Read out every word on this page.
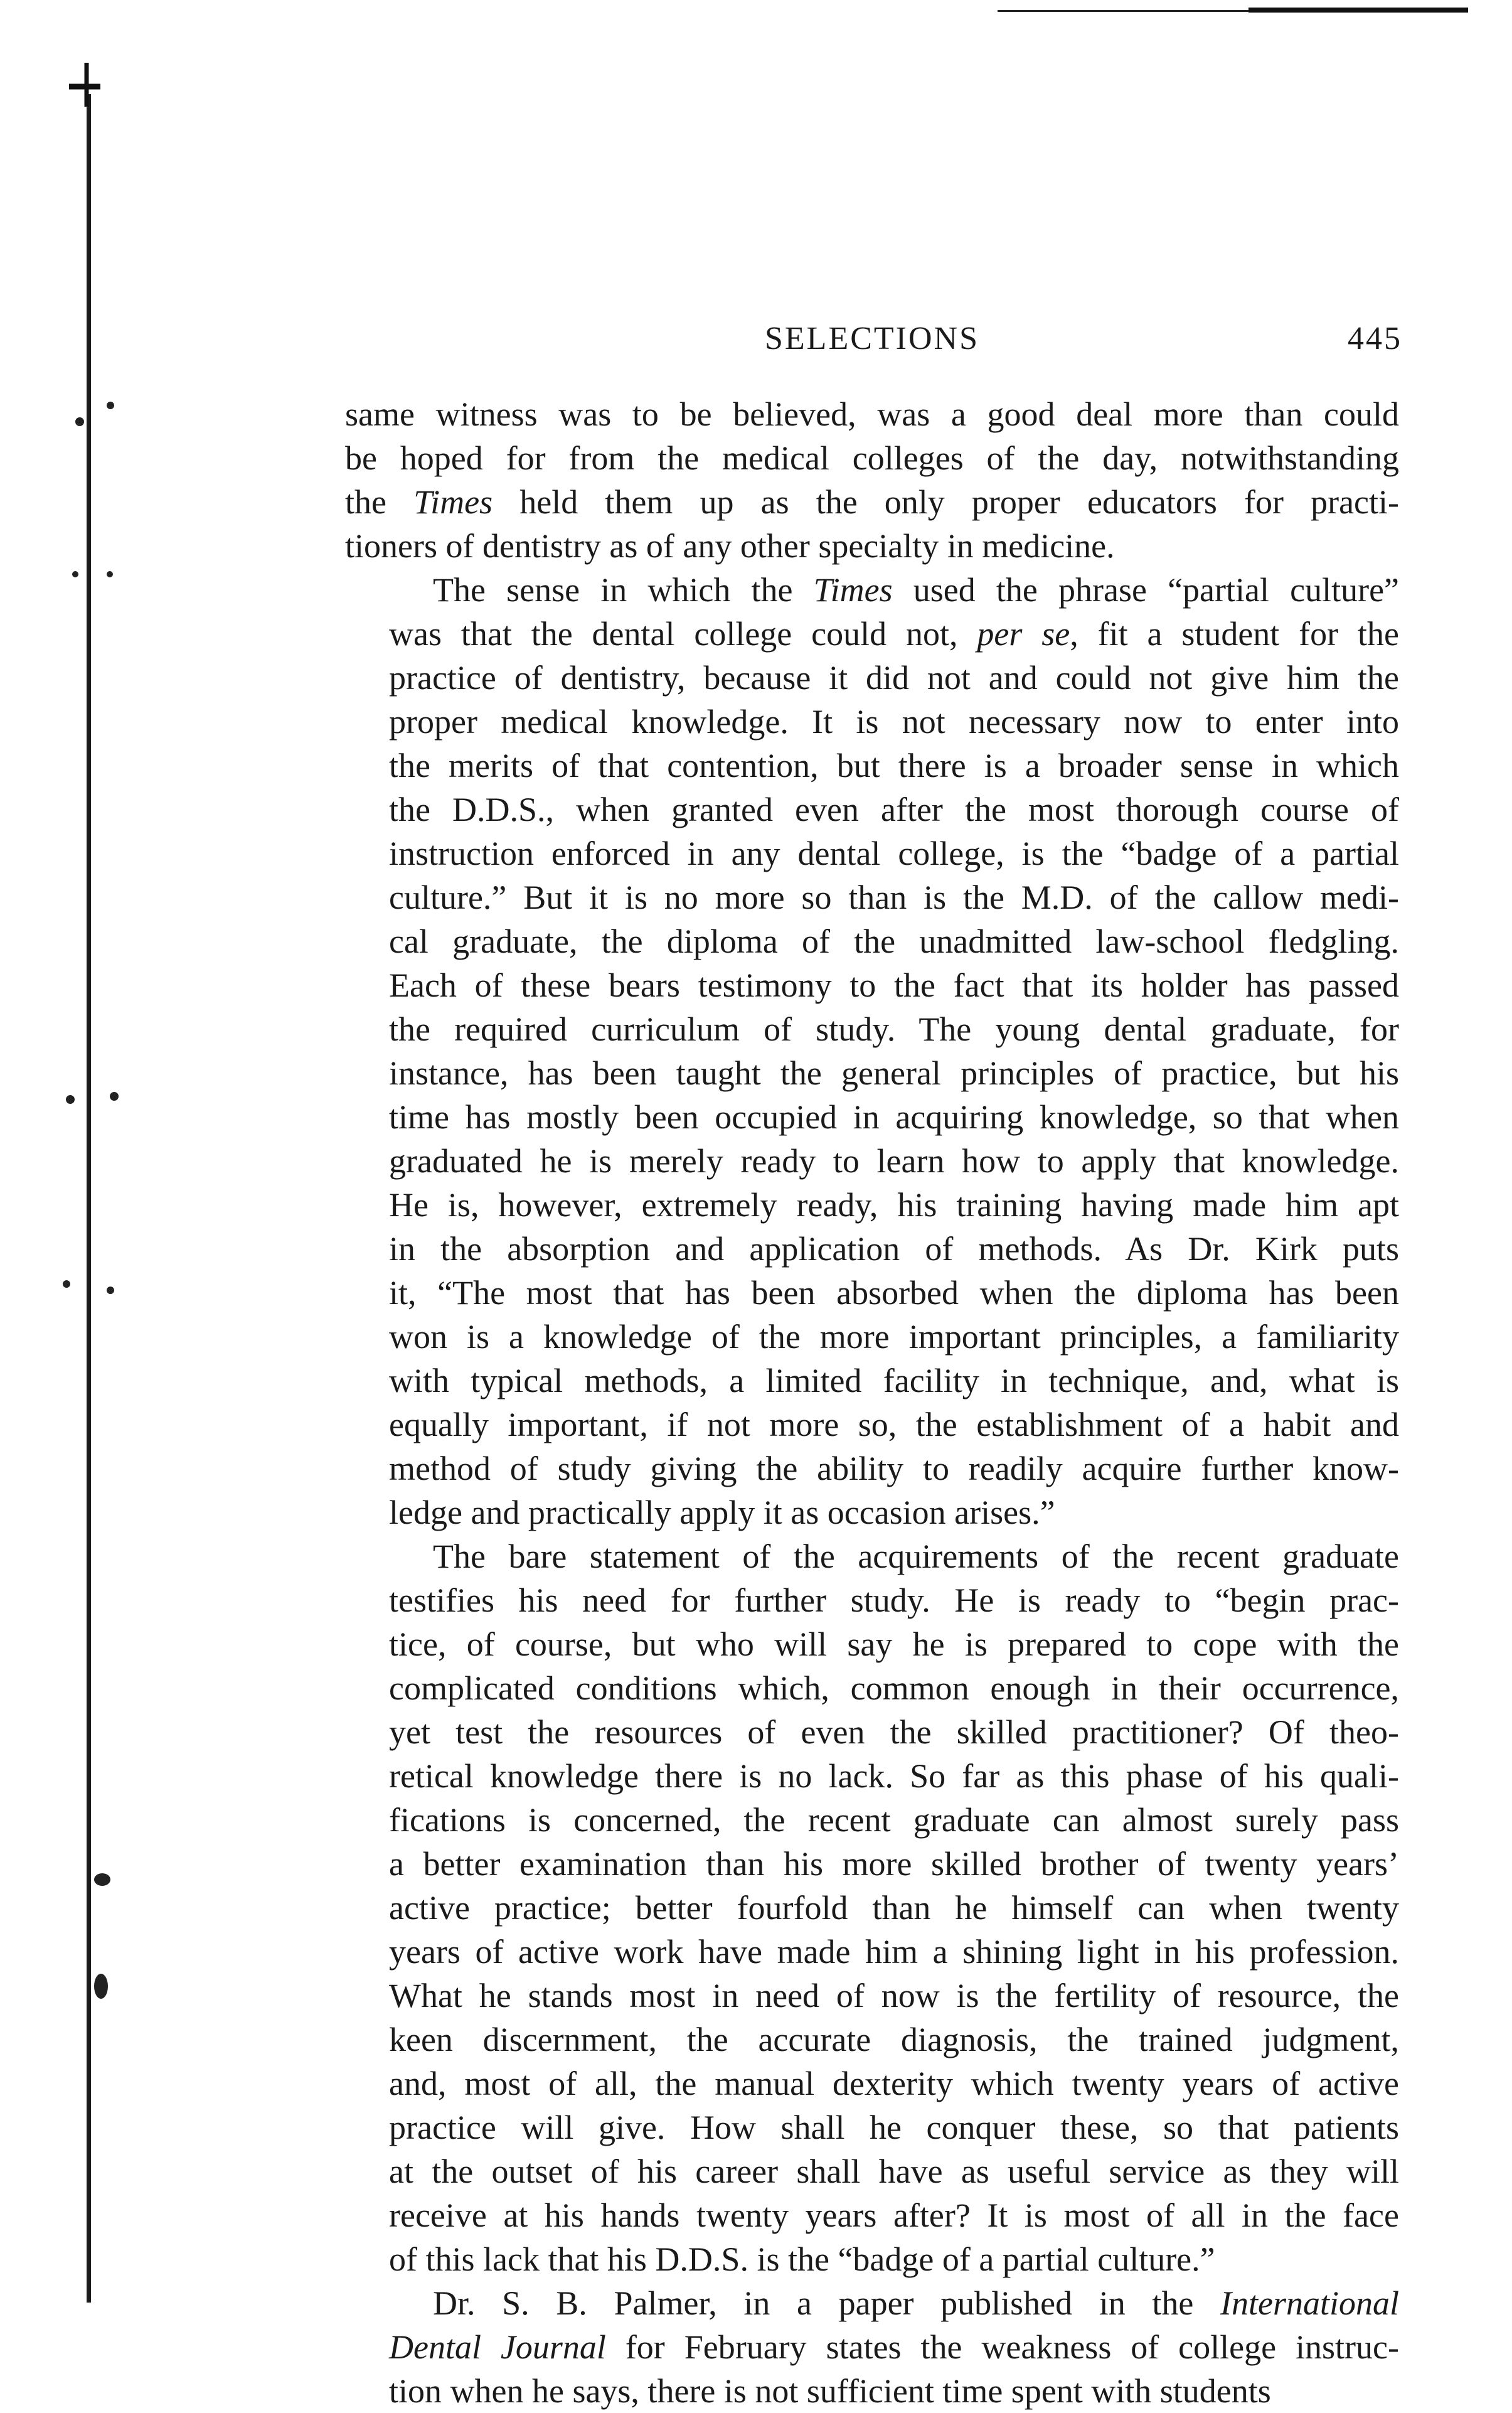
SELECTIONS	445
same witness was to be believed, was a good deal more than could
be hoped for from the medical colleges of the day, notwithstanding
the Times held them up as the only proper educators for practi-
tioners of dentistry as of any other specialty in medicine.
The sense in which the Times used the phrase “partial culture”
was that the dental college could not, per se, fit a student for the
practice of dentistry, because it did not and could not give him the
proper medical knowledge. It is not necessary now to enter into
the merits of that contention, but there is a broader sense in which
the D.D.S., when granted even after the most thorough course of
instruction enforced in any dental college, is the “badge of a partial
culture.” But it is no more so than is the M.D. of the callow medi-
cal graduate, the diploma of the unadmitted law-school fledgling.
Each of these bears testimony to the fact that its holder has passed
the required curriculum of study. The young dental graduate, for
instance, has been taught the general principles of practice, but his
time has mostly been occupied in acquiring knowledge, so that when
graduated he is merely ready to learn how to apply that knowledge.
He is, however, extremely ready, his training having made him apt
in the absorption and application of methods. As Dr. Kirk puts
it, “The most that has been absorbed when the diploma has been
won is a knowledge of the more important principles, a familiarity
with typical methods, a limited facility in technique, and, what is
equally important, if not more so, the establishment of a habit and
method of study giving the ability to readily acquire further know-
ledge and practically apply it as occasion arises.”
The bare statement of the acquirements of the recent graduate
testifies his need for further study. He is ready to “begin prac-
tice, of course, but who will say he is prepared to cope with the
complicated conditions which, common enough in their occurrence,
yet test the resources of even the skilled practitioner? Of theo-
retical knowledge there is no lack. So far as this phase of his quali-
fications is concerned, the recent graduate can almost surely pass
a better examination than his more skilled brother of twenty years’
active practice; better fourfold than he himself can when twenty
years of active work have made him a shining light in his profession.
What he stands most in need of now is the fertility of resource, the
keen discernment, the accurate diagnosis, the trained judgment,
and, most of all, the manual dexterity which twenty years of active
practice will give. How shall he conquer these, so that patients
at the outset of his career shall have as useful service as they will
receive at his hands twenty years after? It is most of all in the face
of this lack that his D.D.S. is the “badge of a partial culture.”
Dr. S. B. Palmer, in a paper published in the International
Dental Journal for February states the weakness of college instruc-
tion when he says, there is not sufficient time spent with students
